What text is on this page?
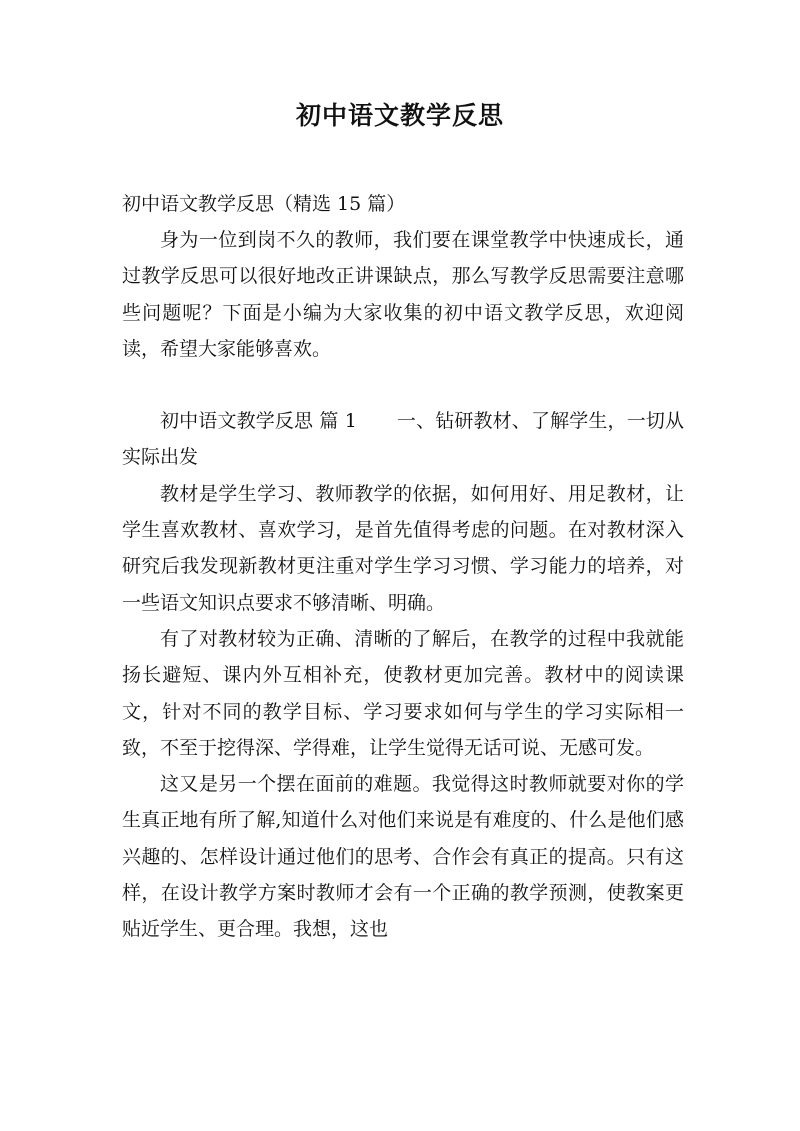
初中语文教学反思

初中语文教学反思（精选 15 篇）

身为一位到岗不久的教师，我们要在课堂教学中快速成长，通过教学反思可以很好地改正讲课缺点，那么写教学反思需要注意哪些问题呢？下面是小编为大家收集的初中语文教学反思，欢迎阅读，希望大家能够喜欢。

初中语文教学反思 篇 1 一、钻研教材、了解学生，一切从实际出发

教材是学生学习、教师教学的依据，如何用好、用足教材，让学生喜欢教材、喜欢学习，是首先值得考虑的问题。在对教材深入研究后我发现新教材更注重对学生学习习惯、学习能力的培养，对一些语文知识点要求不够清晰、明确。

有了对教材较为正确、清晰的了解后，在教学的过程中我就能扬长避短、课内外互相补充，使教材更加完善。教材中的阅读课文，针对不同的教学目标、学习要求如何与学生的学习实际相一致，不至于挖得深、学得难，让学生觉得无话可说、无感可发。

这又是另一个摆在面前的难题。我觉得这时教师就要对你的学生真正地有所了解,知道什么对他们来说是有难度的、什么是他们感兴趣的、怎样设计通过他们的思考、合作会有真正的提高。只有这样，在设计教学方案时教师才会有一个正确的教学预测，使教案更贴近学生、更合理。我想，这也
